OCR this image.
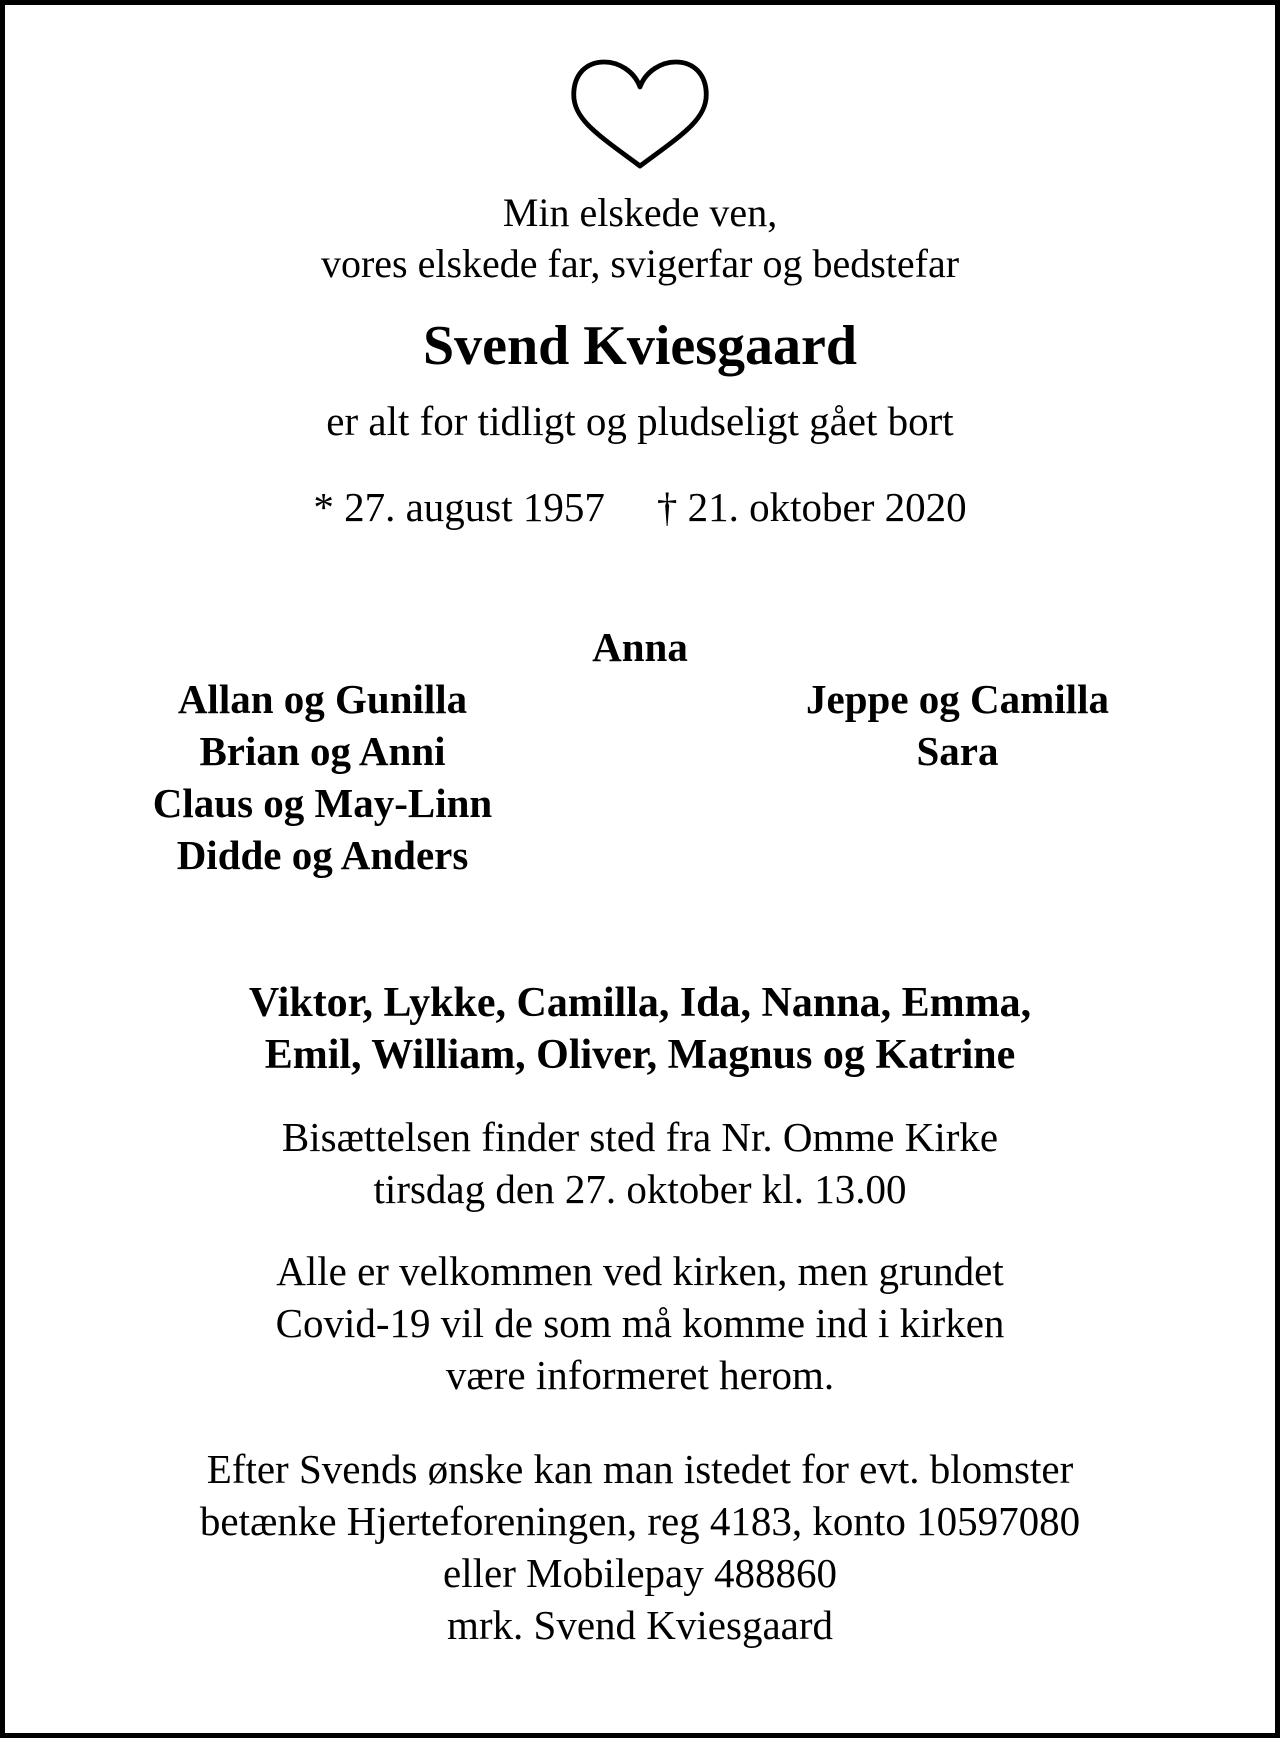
Min elskede ven,
vores elskede far, svigerfar og bedstefar
Svend Kviesgaard
er alt for tidligt og pludseligt gået bort
* 27. august 1957 † 21. oktober 2020
Anna
Allan og Gunilla
Brian og Anni
Claus og May-Linn
Didde og Anders
Jeppe og Camilla
Sara
Viktor, Lykke, Camilla, Ida, Nanna, Emma,
Emil, William, Oliver, Magnus og Katrine
Bisættelsen finder sted fra Nr. Omme Kirke
tirsdag den 27. oktober kl. 13.00
Alle er velkommen ved kirken, men grundet
Covid-19 vil de som må komme ind i kirken
være informeret herom.
Efter Svends ønske kan man istedet for evt. blomster
betænke Hjerteforeningen, reg 4183, konto 10597080
eller Mobilepay 488860
mrk. Svend Kviesgaard
